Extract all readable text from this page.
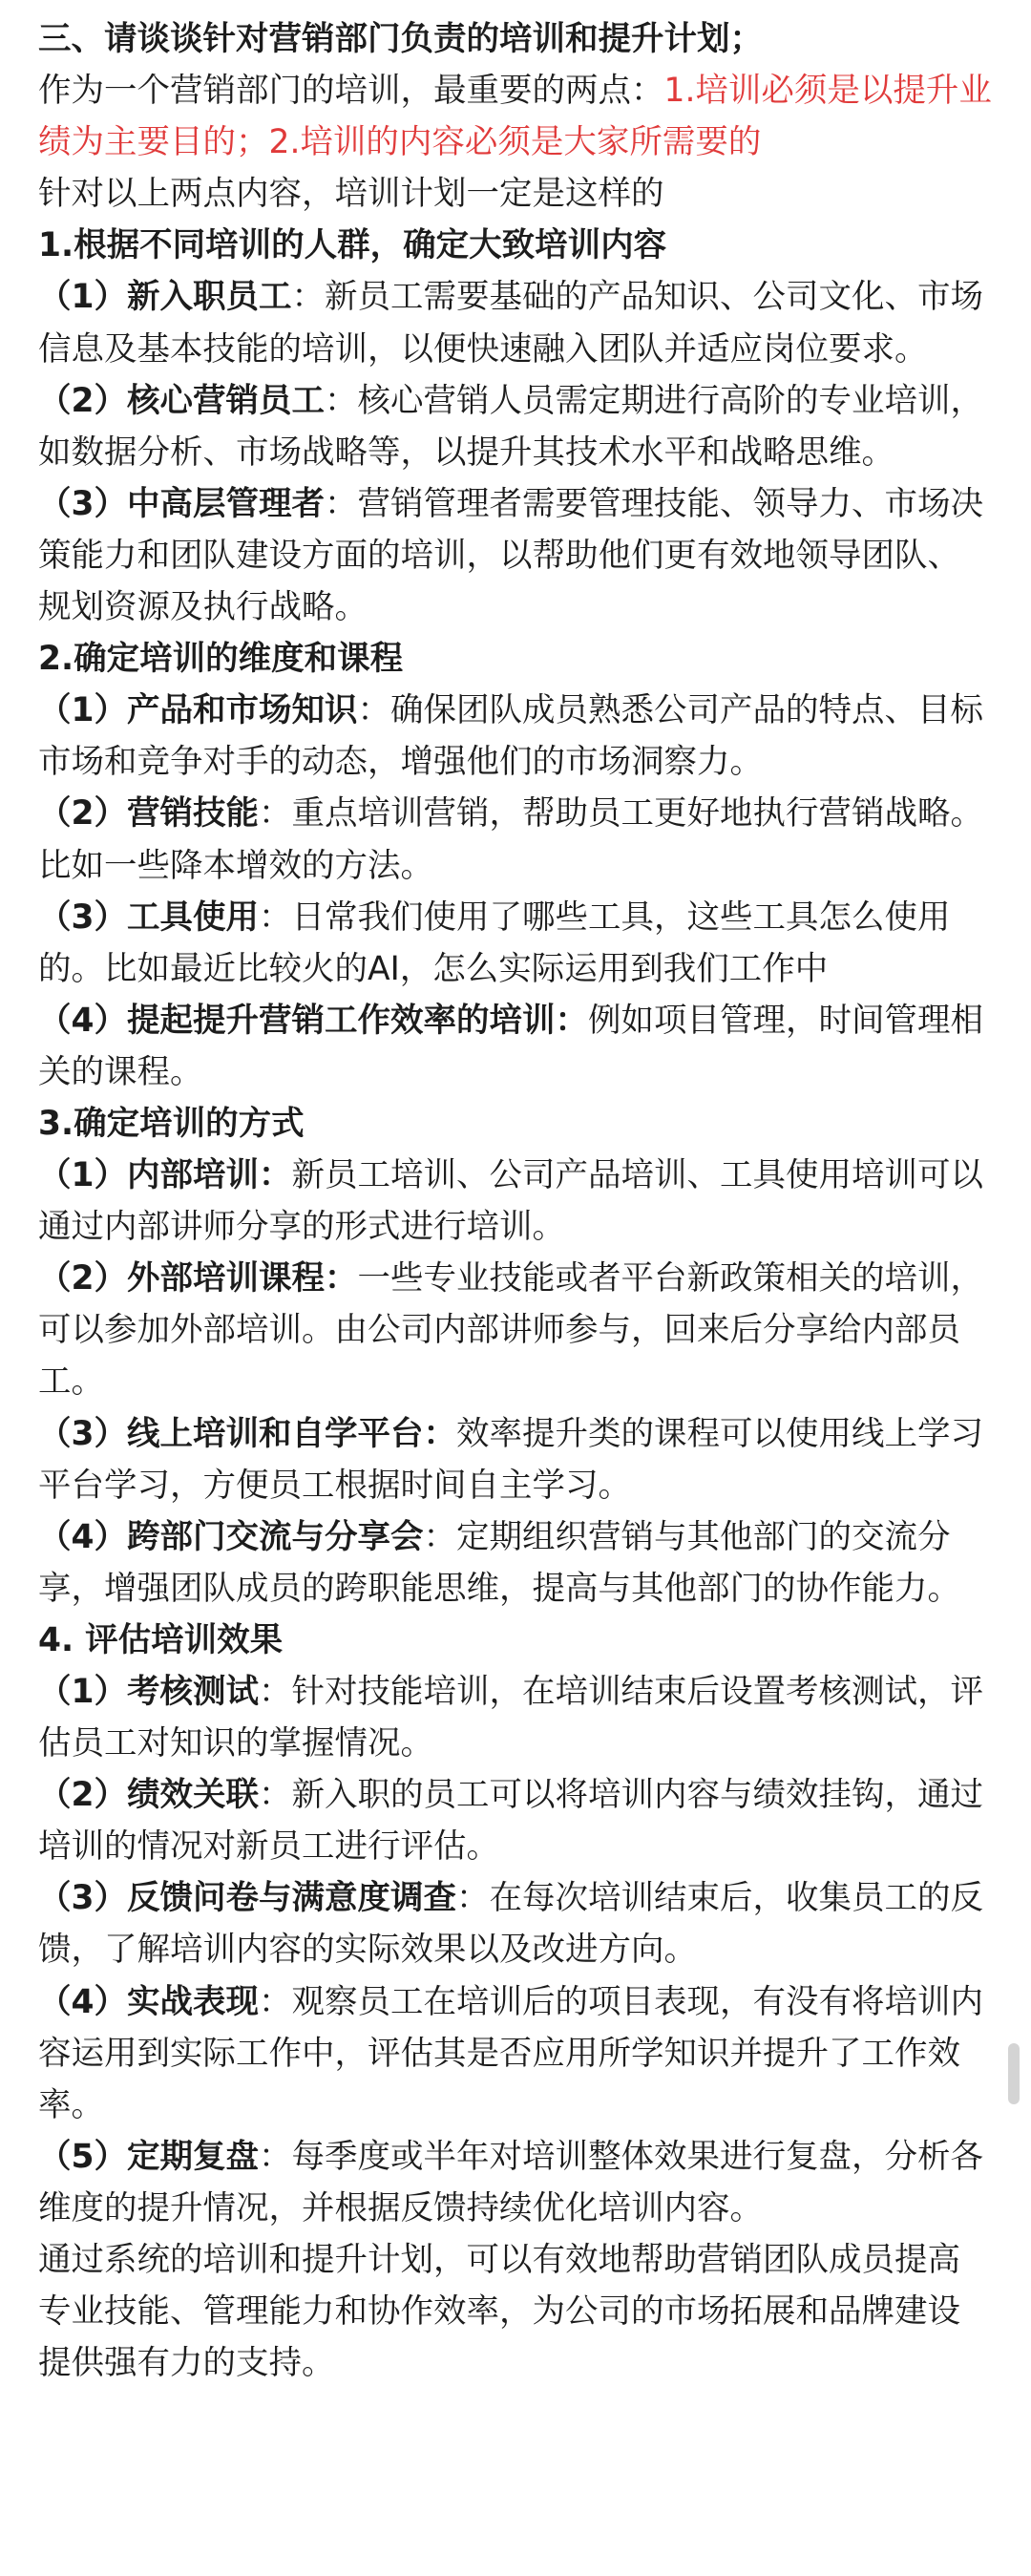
三、请谈谈针对营销部门负责的培训和提升计划；

作为一个营销部门的培训，最重要的两点：1.培训必须是以提升业绩为主要目的；2.培训的内容必须是大家所需要的

针对以上两点内容，培训计划一定是这样的

1.根据不同培训的人群，确定大致培训内容

（1）新入职员工：新员工需要基础的产品知识、公司文化、市场信息及基本技能的培训，以便快速融入团队并适应岗位要求。

（2）核心营销员工：核心营销人员需定期进行高阶的专业培训，如数据分析、市场战略等，以提升其技术水平和战略思维。

（3）中高层管理者：营销管理者需要管理技能、领导力、市场决策能力和团队建设方面的培训，以帮助他们更有效地领导团队、规划资源及执行战略。

2.确定培训的维度和课程

（1）产品和市场知识：确保团队成员熟悉公司产品的特点、目标市场和竞争对手的动态，增强他们的市场洞察力。

（2）营销技能：重点培训营销，帮助员工更好地执行营销战略。比如一些降本增效的方法。

（3）工具使用：日常我们使用了哪些工具，这些工具怎么使用的。比如最近比较火的AI，怎么实际运用到我们工作中

（4）提起提升营销工作效率的培训：例如项目管理，时间管理相关的课程。

3.确定培训的方式

（1）内部培训：新员工培训、公司产品培训、工具使用培训可以通过内部讲师分享的形式进行培训。

（2）外部培训课程：一些专业技能或者平台新政策相关的培训，可以参加外部培训。由公司内部讲师参与，回来后分享给内部员工。

（3）线上培训和自学平台：效率提升类的课程可以使用线上学习平台学习，方便员工根据时间自主学习。

（4）跨部门交流与分享会：定期组织营销与其他部门的交流分享，增强团队成员的跨职能思维，提高与其他部门的协作能力。

4. 评估培训效果

（1）考核测试：针对技能培训，在培训结束后设置考核测试，评估员工对知识的掌握情况。

（2）绩效关联：新入职的员工可以将培训内容与绩效挂钩，通过培训的情况对新员工进行评估。

（3）反馈问卷与满意度调查：在每次培训结束后，收集员工的反馈，了解培训内容的实际效果以及改进方向。

（4）实战表现：观察员工在培训后的项目表现，有没有将培训内容运用到实际工作中，评估其是否应用所学知识并提升了工作效率。

（5）定期复盘：每季度或半年对培训整体效果进行复盘，分析各维度的提升情况，并根据反馈持续优化培训内容。

通过系统的培训和提升计划，可以有效地帮助营销团队成员提高专业技能、管理能力和协作效率，为公司的市场拓展和品牌建设提供强有力的支持。
